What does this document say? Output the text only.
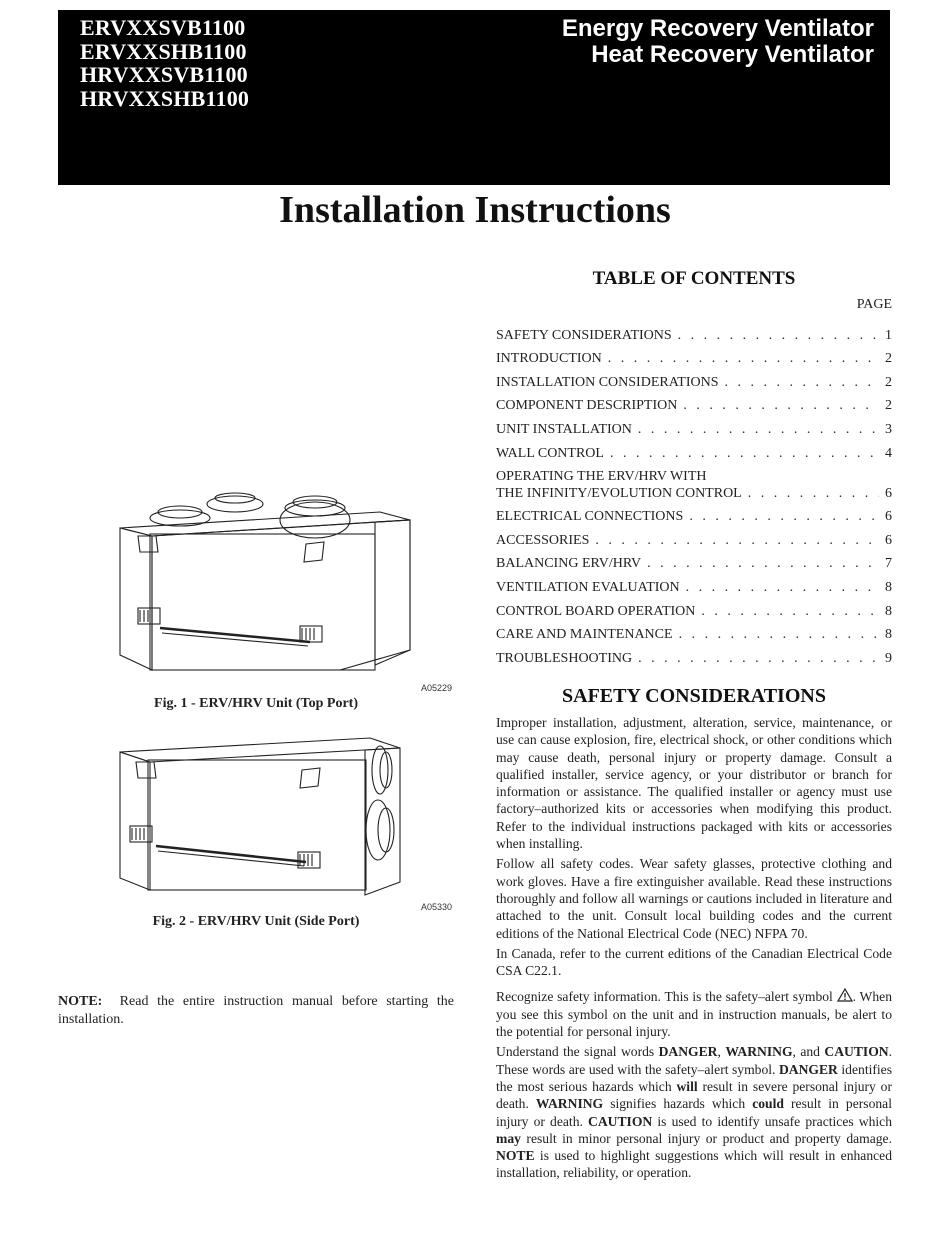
ERVXXSVB1100
ERVXXSHB1100
HRVXXSVB1100
HRVXXSHB1100
Energy Recovery Ventilator
Heat Recovery Ventilator
Installation Instructions
TABLE OF CONTENTS
PAGE
SAFETY CONSIDERATIONS . . .	1
INTRODUCTION . . .	2
INSTALLATION CONSIDERATIONS . . .	2
COMPONENT DESCRIPTION . . .	2
UNIT INSTALLATION . . .	3
WALL CONTROL . . .	4
OPERATING THE ERV/HRV WITH
THE INFINITY/EVOLUTION CONTROL . . .	6
ELECTRICAL CONNECTIONS . . .	6
ACCESSORIES . . .	6
BALANCING ERV/HRV . . .	7
VENTILATION EVALUATION . . .	8
CONTROL BOARD OPERATION . . .	8
CARE AND MAINTENANCE . . .	8
TROUBLESHOOTING . . .	9
A05229
Fig. 1 - ERV/HRV Unit (Top Port)
A05330
Fig. 2 - ERV/HRV Unit (Side Port)
NOTE: Read the entire instruction manual before starting the installation.
SAFETY CONSIDERATIONS

Improper installation, adjustment, alteration, service, maintenance, or use can cause explosion, fire, electrical shock, or other conditions which may cause death, personal injury or property damage. Consult a qualified installer, service agency, or your distributor or branch for information or assistance. The qualified installer or agency must use factory–authorized kits or accessories when modifying this product. Refer to the individual instructions packaged with kits or accessories when installing.

Follow all safety codes. Wear safety glasses, protective clothing and work gloves. Have a fire extinguisher available. Read these instructions thoroughly and follow all warnings or cautions included in literature and attached to the unit. Consult local building codes and the current editions of the National Electrical Code (NEC) NFPA 70.

In Canada, refer to the current editions of the Canadian Electrical Code CSA C22.1.

Recognize safety information. This is the safety–alert symbol . When you see this symbol on the unit and in instruction manuals, be alert to the potential for personal injury.

Understand the signal words DANGER, WARNING, and CAUTION. These words are used with the safety–alert symbol. DANGER identifies the most serious hazards which will result in severe personal injury or death. WARNING signifies hazards which could result in personal injury or death. CAUTION is used to identify unsafe practices which may result in minor personal injury or product and property damage. NOTE is used to highlight suggestions which will result in enhanced installation, reliability, or operation.
